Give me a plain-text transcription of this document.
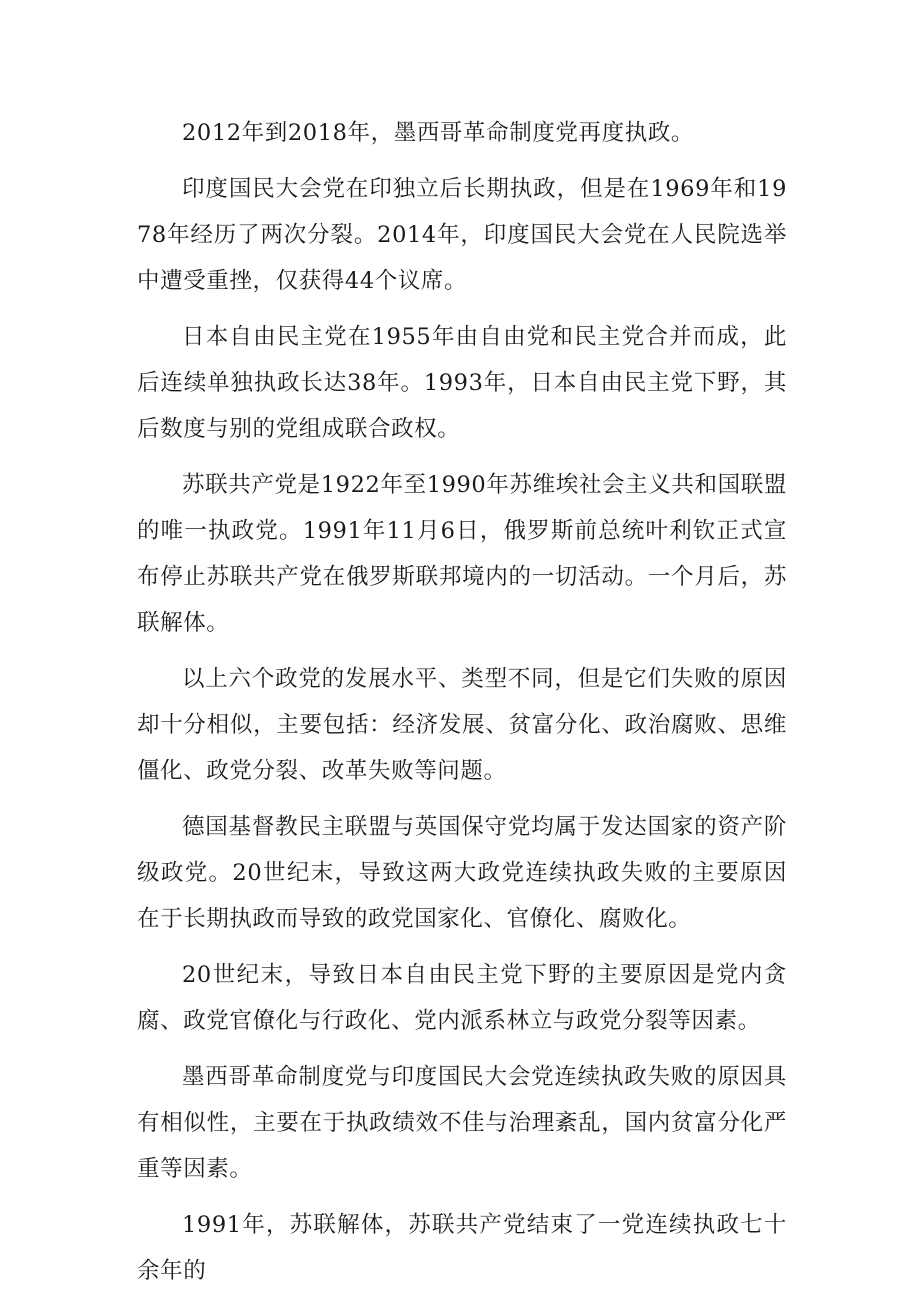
2012年到2018年，墨西哥革命制度党再度执政。

印度国民大会党在印独立后长期执政，但是在1969年和1978年经历了两次分裂。2014年，印度国民大会党在人民院选举中遭受重挫，仅获得44个议席。

日本自由民主党在1955年由自由党和民主党合并而成，此后连续单独执政长达38年。1993年，日本自由民主党下野，其后数度与别的党组成联合政权。

苏联共产党是1922年至1990年苏维埃社会主义共和国联盟的唯一执政党。1991年11月6日，俄罗斯前总统叶利钦正式宣布停止苏联共产党在俄罗斯联邦境内的一切活动。一个月后，苏联解体。

以上六个政党的发展水平、类型不同，但是它们失败的原因却十分相似，主要包括：经济发展、贫富分化、政治腐败、思维僵化、政党分裂、改革失败等问题。

德国基督教民主联盟与英国保守党均属于发达国家的资产阶级政党。20世纪末，导致这两大政党连续执政失败的主要原因在于长期执政而导致的政党国家化、官僚化、腐败化。

20世纪末，导致日本自由民主党下野的主要原因是党内贪腐、政党官僚化与行政化、党内派系林立与政党分裂等因素。

墨西哥革命制度党与印度国民大会党连续执政失败的原因具有相似性，主要在于执政绩效不佳与治理紊乱，国内贫富分化严重等因素。

1991年，苏联解体，苏联共产党结束了一党连续执政七十余年的
